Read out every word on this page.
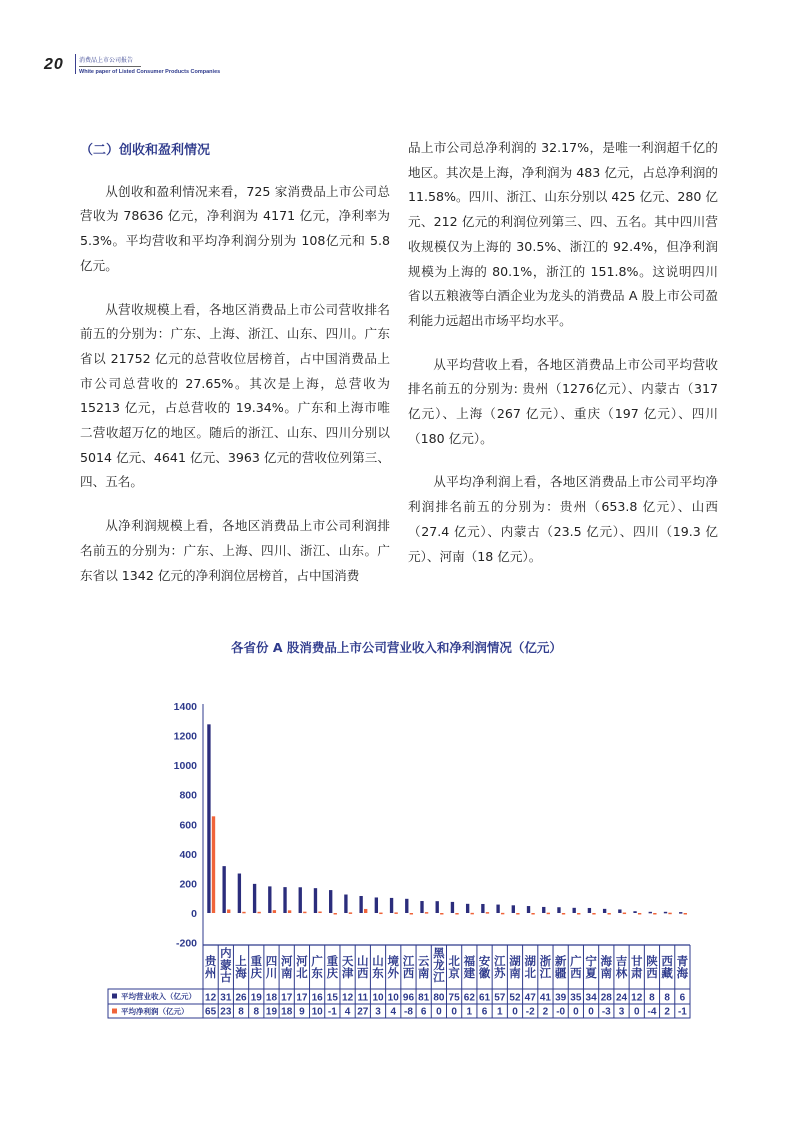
20	消费品上市公司报告
White paper of Listed Consumer Products Companies
（二）创收和盈利情况

从创收和盈利情况来看，725 家消费品上市公司总营收为 78636 亿元，净利润为 4171 亿元，净利率为 5.3%。平均营收和平均净利润分别为 108亿元和 5.8 亿元。

从营收规模上看，各地区消费品上市公司营收排名前五的分别为：广东、上海、浙江、山东、四川。广东省以 21752 亿元的总营收位居榜首，占中国消费品上市公司总营收的 27.65%。其次是上海，总营收为 15213 亿元，占总营收的 19.34%。广东和上海市唯二营收超万亿的地区。随后的浙江、山东、四川分别以 5014 亿元、4641 亿元、3963 亿元的营收位列第三、四、五名。

从净利润规模上看，各地区消费品上市公司利润排名前五的分别为：广东、上海、四川、浙江、山东。广东省以 1342 亿元的净利润位居榜首，占中国消费

品上市公司总净利润的 32.17%，是唯一利润超千亿的地区。其次是上海，净利润为 483 亿元，占总净利润的 11.58%。四川、浙江、山东分别以 425 亿元、280 亿元、212 亿元的利润位列第三、四、五名。其中四川营收规模仅为上海的 30.5%、浙江的 92.4%，但净利润规模为上海的 80.1%，浙江的 151.8%。这说明四川省以五粮液等白酒企业为龙头的消费品 A 股上市公司盈利能力远超出市场平均水平。

从平均营收上看，各地区消费品上市公司平均营收排名前五的分别为: 贵州（1276亿元）、内蒙古（317 亿元）、上海（267 亿元）、重庆（197 亿元）、四川（180 亿元）。

从平均净利润上看，各地区消费品上市公司平均净利润排名前五的分别为：贵州（653.8 亿元）、山西（27.4 亿元）、内蒙古（23.5 亿元）、四川（19.3 亿元）、河南（18 亿元）。

各省份 A 股消费品上市公司营业收入和净利润情况（亿元）
1400
1200
1000
800
600
400
200
0
-200
贵
州
12
65
内
蒙
古
31
23
上
海
26
8
重
庆
19
8
四
川
18
19
河
南
17
18
河
北
17
9
广
东
16
10
重
庆
15
-1
天
津
12
4
山
西
11
27
山
东
10
3
境
外
10
4
江
西
96
-8
云
南
81
6
黑
龙
江
80
0
北
京
75
0
福
建
62
1
安
徽
61
6
江
苏
57
1
湖
南
52
0
湖
北
47
-2
浙
江
41
2
新
疆
39
-0
广
西
35
0
宁
夏
34
0
海
南
28
-3
吉
林
24
3
甘
肃
12
0
陕
西
8
-4
西
藏
8
2
青
海
6
-1
平均营业收入（亿元）
平均净利润（亿元）
